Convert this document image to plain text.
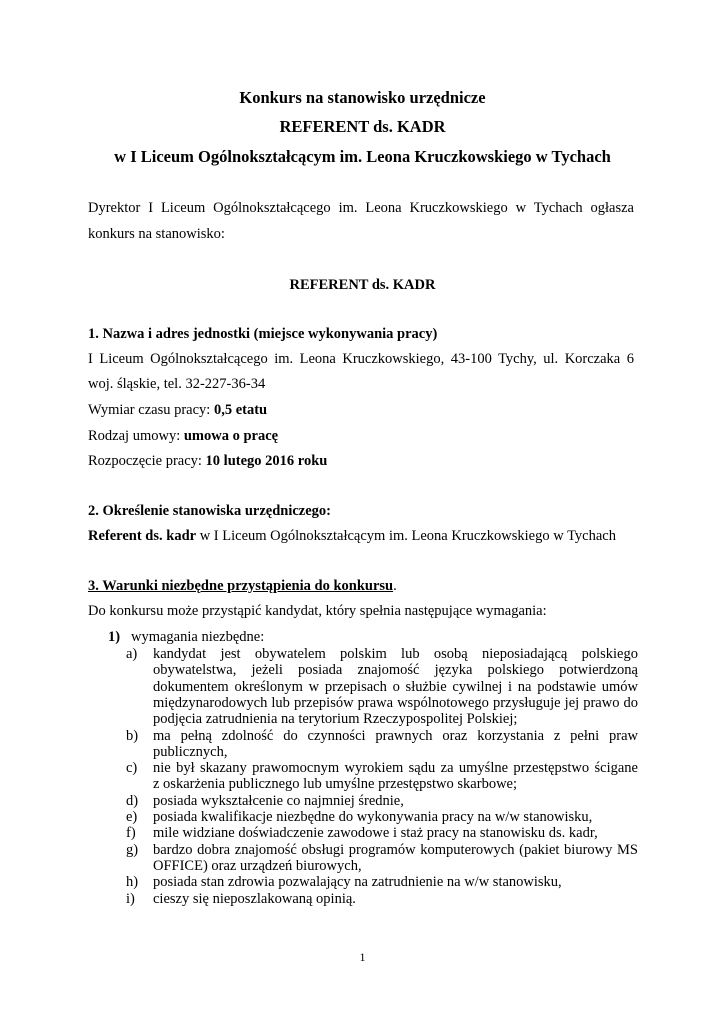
Konkurs na stanowisko urzędnicze

REFERENT ds. KADR

w I Liceum Ogólnokształcącym im. Leona Kruczkowskiego w Tychach

Dyrektor I Liceum Ogólnokształcącego im. Leona Kruczkowskiego w Tychach ogłasza

konkurs na stanowisko:

REFERENT ds. KADR

1. Nazwa i adres jednostki (miejsce wykonywania pracy)

I Liceum Ogólnokształcącego im. Leona Kruczkowskiego, 43-100 Tychy, ul. Korczaka 6

woj. śląskie, tel. 32-227-36-34

Wymiar czasu pracy: 0,5 etatu

Rodzaj umowy: umowa o pracę

Rozpoczęcie pracy: 10 lutego 2016 roku

2. Określenie stanowiska urzędniczego:

Referent ds. kadr w I Liceum Ogólnokształcącym im. Leona Kruczkowskiego w Tychach

3. Warunki niezbędne przystąpienia do konkursu.

Do konkursu może przystąpić kandydat, który spełnia następujące wymagania:

1) wymagania niezbędne:

a) kandydat jest obywatelem polskim lub osobą nieposiadającą polskiego
obywatelstwa, jeżeli posiada znajomość języka polskiego potwierdzoną
dokumentem określonym w przepisach o służbie cywilnej i na podstawie umów
międzynarodowych lub przepisów prawa wspólnotowego przysługuje jej prawo do
podjęcia zatrudnienia na terytorium Rzeczypospolitej Polskiej;
b) ma pełną zdolność do czynności prawnych oraz korzystania z pełni praw
publicznych,
c) nie był skazany prawomocnym wyrokiem sądu za umyślne przestępstwo ścigane
z oskarżenia publicznego lub umyślne przestępstwo skarbowe;
d) posiada wykształcenie co najmniej średnie,
e) posiada kwalifikacje niezbędne do wykonywania pracy na w/w stanowisku,
f) mile widziane doświadczenie zawodowe i staż pracy na stanowisku ds. kadr,
g) bardzo dobra znajomość obsługi programów komputerowych (pakiet biurowy MS
OFFICE) oraz urządzeń biurowych,
h) posiada stan zdrowia pozwalający na zatrudnienie na w/w stanowisku,
i) cieszy się nieposzlakowaną opinią.

1
